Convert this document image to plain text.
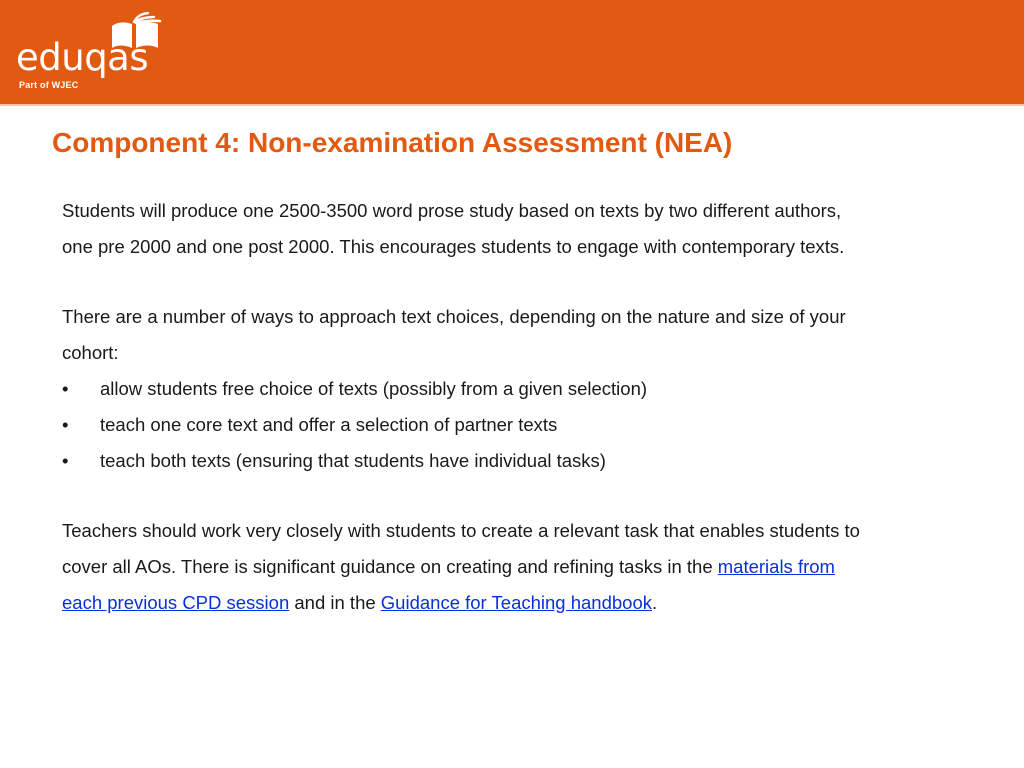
eduqas
Part of WJEC
Component 4: Non-examination Assessment (NEA)

Students will produce one 2500-3500 word prose study based on texts by two different authors,
one pre 2000 and one post 2000. This encourages students to engage with contemporary texts.

There are a number of ways to approach text choices, depending on the nature and size of your
cohort:

• allow students free choice of texts (possibly from a given selection)
• teach one core text and offer a selection of partner texts
• teach both texts (ensuring that students have individual tasks)

Teachers should work very closely with students to create a relevant task that enables students to
cover all AOs. There is significant guidance on creating and refining tasks in the materials from
each previous CPD session and in the Guidance for Teaching handbook.
